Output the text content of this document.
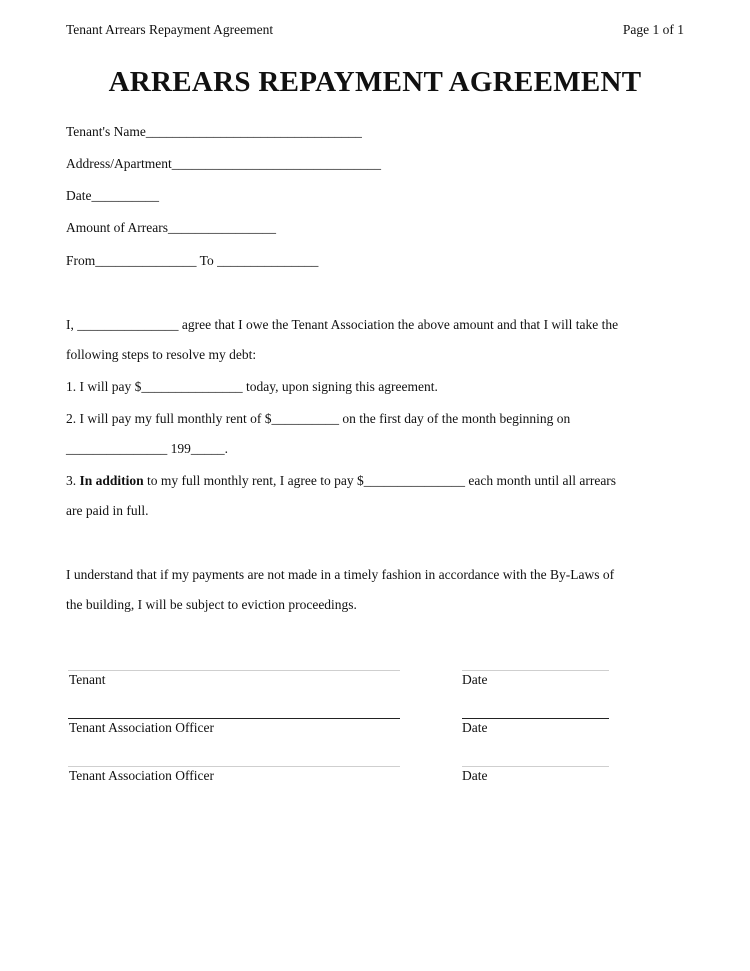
Tenant Arrears Repayment Agreement	Page 1 of 1
ARREARS REPAYMENT AGREEMENT
Tenant's Name________________________________
Address/Apartment_______________________________
Date__________
Amount of Arrears________________
From_______________ To _______________
I, _______________ agree that I owe the Tenant Association the above amount and that I will take the
following steps to resolve my debt:
1. I will pay $_______________ today, upon signing this agreement.
2. I will pay my full monthly rent of $__________ on the first day of the month beginning on
_______________ 199_____.
3. In addition to my full monthly rent, I agree to pay $_______________ each month until all arrears
are paid in full.
I understand that if my payments are not made in a timely fashion in accordance with the By-Laws of
the building, I will be subject to eviction proceedings.
Tenant	Date
Tenant Association Officer	Date
Tenant Association Officer	Date
